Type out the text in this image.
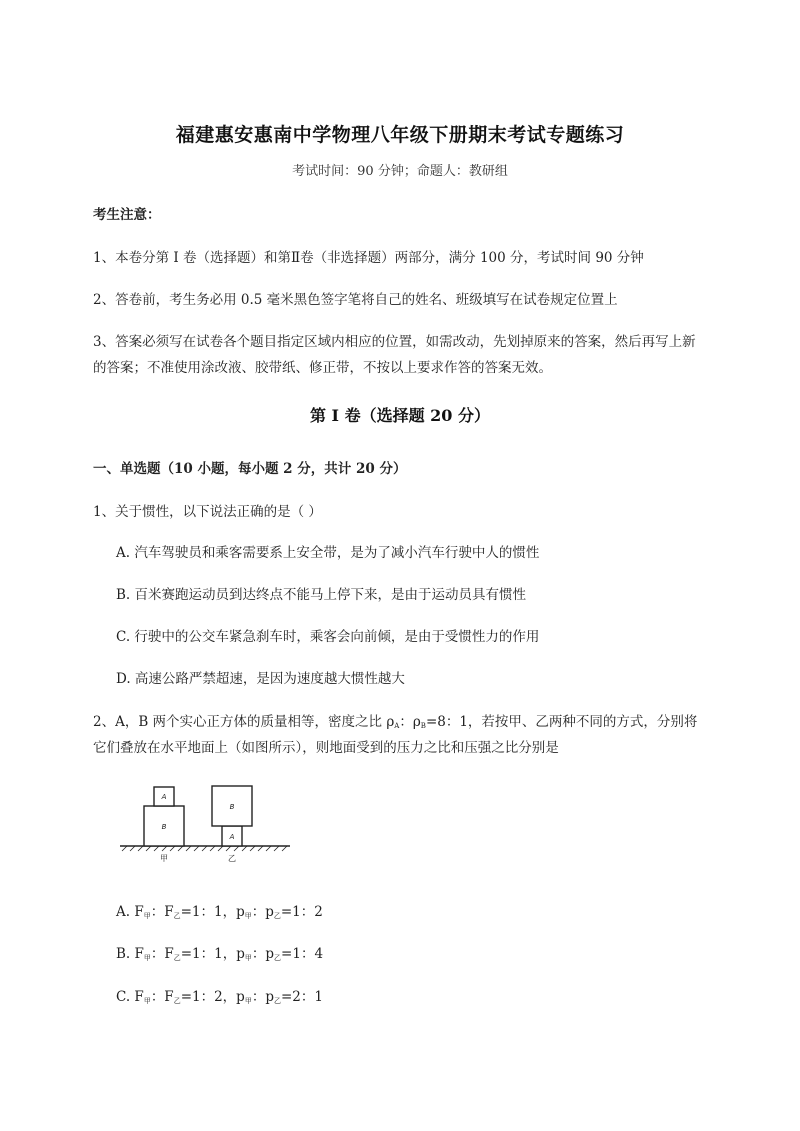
福建惠安惠南中学物理八年级下册期末考试专题练习
考试时间：90 分钟；命题人：教研组
考生注意：
1、本卷分第 I 卷（选择题）和第Ⅱ卷（非选择题）两部分，满分 100 分，考试时间 90 分钟
2、答卷前，考生务必用 0.5 毫米黑色签字笔将自己的姓名、班级填写在试卷规定位置上
3、答案必须写在试卷各个题目指定区域内相应的位置，如需改动，先划掉原来的答案，然后再写上新
的答案；不准使用涂改液、胶带纸、修正带，不按以上要求作答的答案无效。
第 I 卷（选择题 20 分）
一、单选题（10 小题，每小题 2 分，共计 20 分）
1、关于惯性，以下说法正确的是（ ）
A. 汽车驾驶员和乘客需要系上安全带，是为了减小汽车行驶中人的惯性
B. 百米赛跑运动员到达终点不能马上停下来，是由于运动员具有惯性
C. 行驶中的公交车紧急刹车时，乘客会向前倾，是由于受惯性力的作用
D. 高速公路严禁超速，是因为速度越大惯性越大
2、A，B 两个实心正方体的质量相等，密度之比 $\rho_A$：$\rho_B=8$：1，若按甲、乙两种不同的方式，分别将
它们叠放在水平地面上（如图所示），则地面受到的压力之比和压强之比分别是
B
A
B
A
甲	乙
A. $F_甲$：$F_乙=1$：1，$p_甲$：$p_乙=1$：2
B. $F_甲$：$F_乙=1$：1，$p_甲$：$p_乙=1$：4
C. $F_甲$：$F_乙=1$：2，$p_甲$：$p_乙=2$：1
